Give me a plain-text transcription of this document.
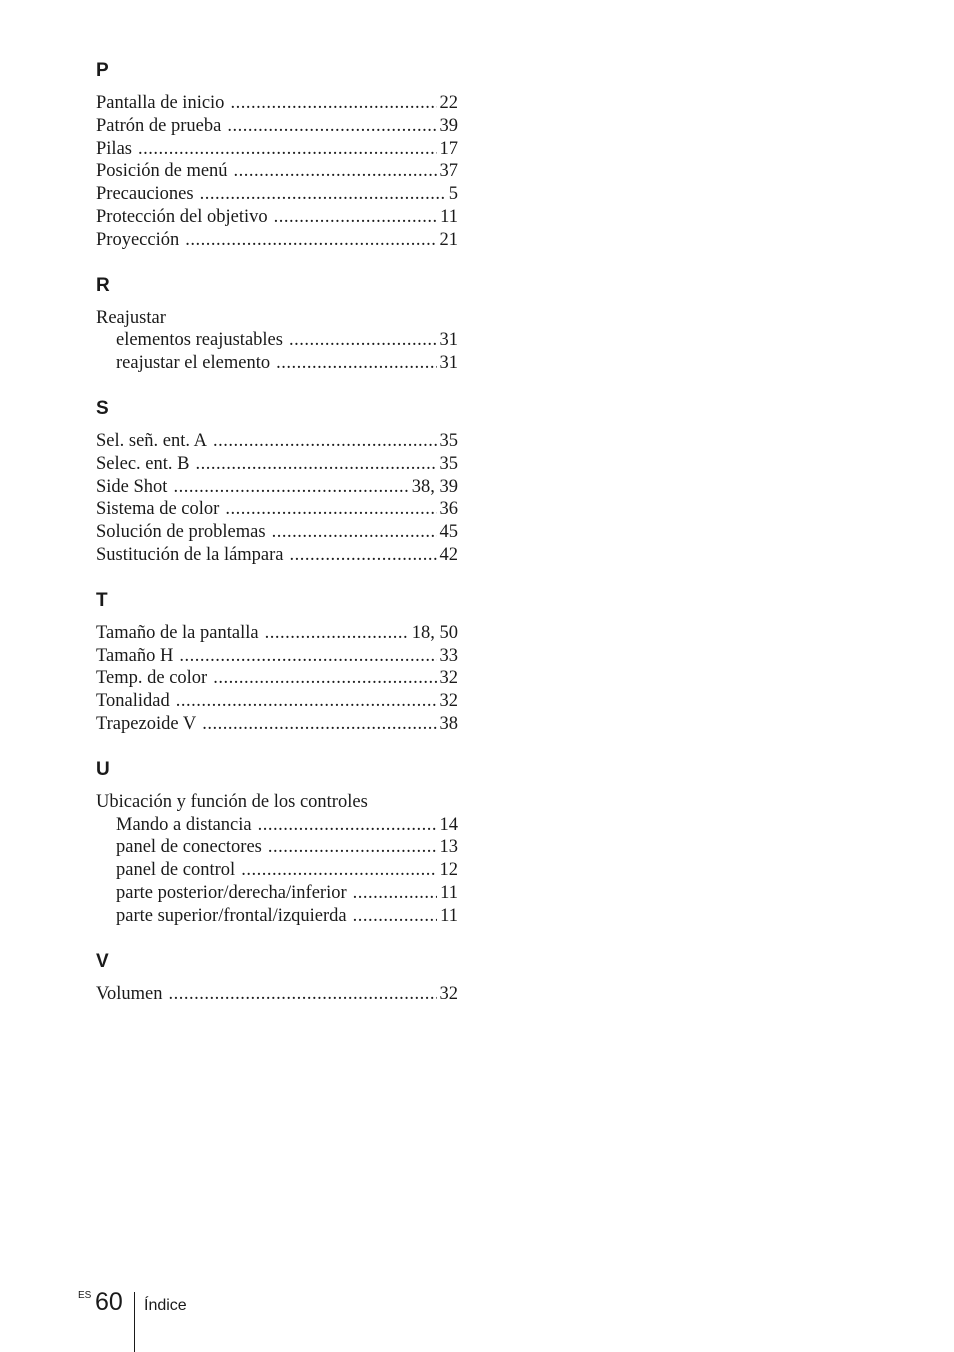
P
Pantalla de inicio .....	22
Patrón de prueba .....	39
Pilas .....	17
Posición de menú .....	37
Precauciones .....	5
Protección del objetivo .....	11
Proyección .....	21
R
Reajustar
elementos reajustables .....	31
reajustar el elemento .....	31
S
Sel. señ. ent. A .....	35
Selec. ent. B .....	35
Side Shot .....	38, 39
Sistema de color .....	36
Solución de problemas .....	45
Sustitución de la lámpara .....	42
T
Tamaño de la pantalla .....	18, 50
Tamaño H .....	33
Temp. de color .....	32
Tonalidad .....	32
Trapezoide V .....	38
U
Ubicación y función de los controles
Mando a distancia .....	14
panel de conectores .....	13
panel de control .....	12
parte posterior/derecha/inferior .....	11
parte superior/frontal/izquierda .....	11
V
Volumen .....	32
ES 60 Índice
